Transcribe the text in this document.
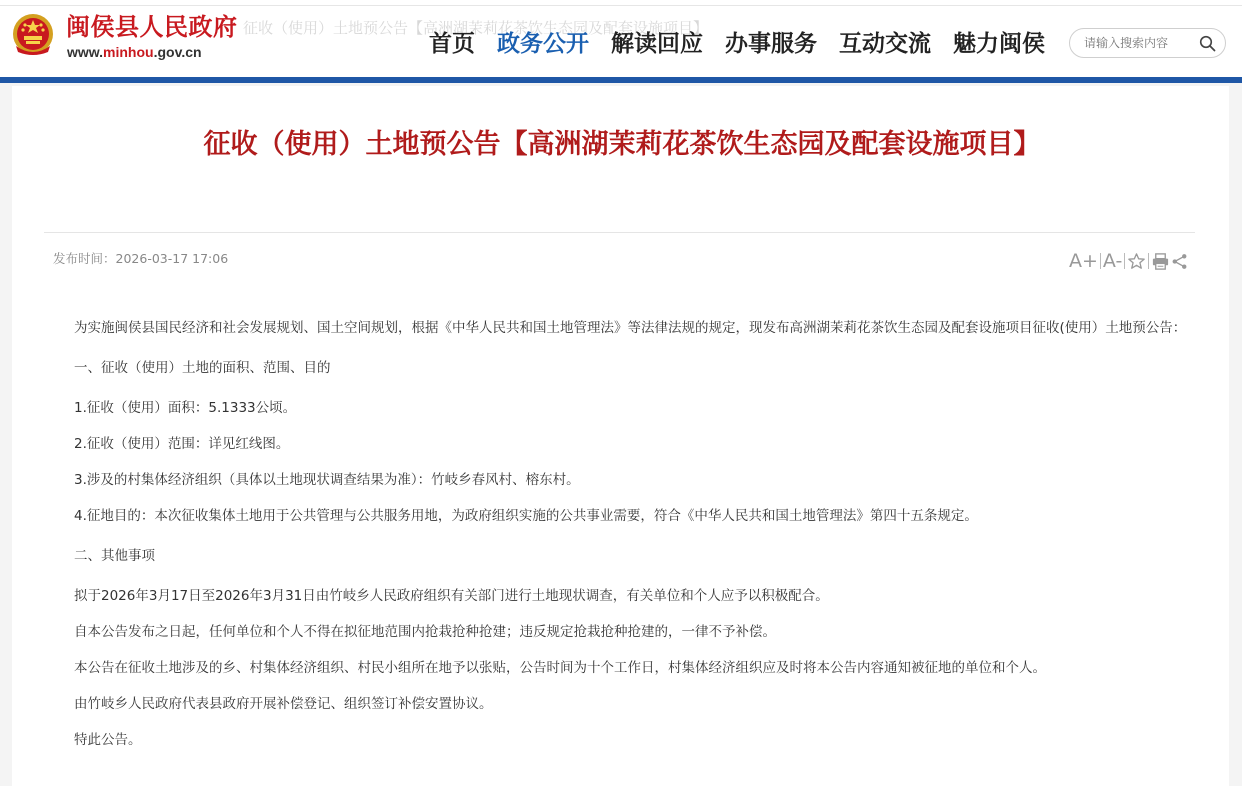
闽侯县人民政府
www.minhou.gov.cn
征收（使用）土地预公告【高洲湖茉莉花茶饮生态园及配套设施项目】
首页 政务公开 解读回应 办事服务 互动交流 魅力闽侯
请输入搜索内容
征收（使用）土地预公告【高洲湖茉莉花茶饮生态园及配套设施项目】
发布时间：2026-03-17 17:06	A+ A-

为实施闽侯县国民经济和社会发展规划、国土空间规划，根据《中华人民共和国土地管理法》等法律法规的规定，现发布高洲湖茉莉花茶饮生态园及配套设施项目征收(使用）土地预公告：

一、征收（使用）土地的面积、范围、目的

1.征收（使用）面积：5.1333公顷。

2.征收（使用）范围：详见红线图。

3.涉及的村集体经济组织（具体以土地现状调查结果为准）：竹岐乡春风村、榕东村。

4.征地目的：本次征收集体土地用于公共管理与公共服务用地，为政府组织实施的公共事业需要，符合《中华人民共和国土地管理法》第四十五条规定。

二、其他事项

拟于2026年3月17日至2026年3月31日由竹岐乡人民政府组织有关部门进行土地现状调查，有关单位和个人应予以积极配合。

自本公告发布之日起，任何单位和个人不得在拟征地范围内抢栽抢种抢建；违反规定抢栽抢种抢建的，一律不予补偿。

本公告在征收土地涉及的乡、村集体经济组织、村民小组所在地予以张贴，公告时间为十个工作日，村集体经济组织应及时将本公告内容通知被征地的单位和个人。

由竹岐乡人民政府代表县政府开展补偿登记、组织签订补偿安置协议。

特此公告。
